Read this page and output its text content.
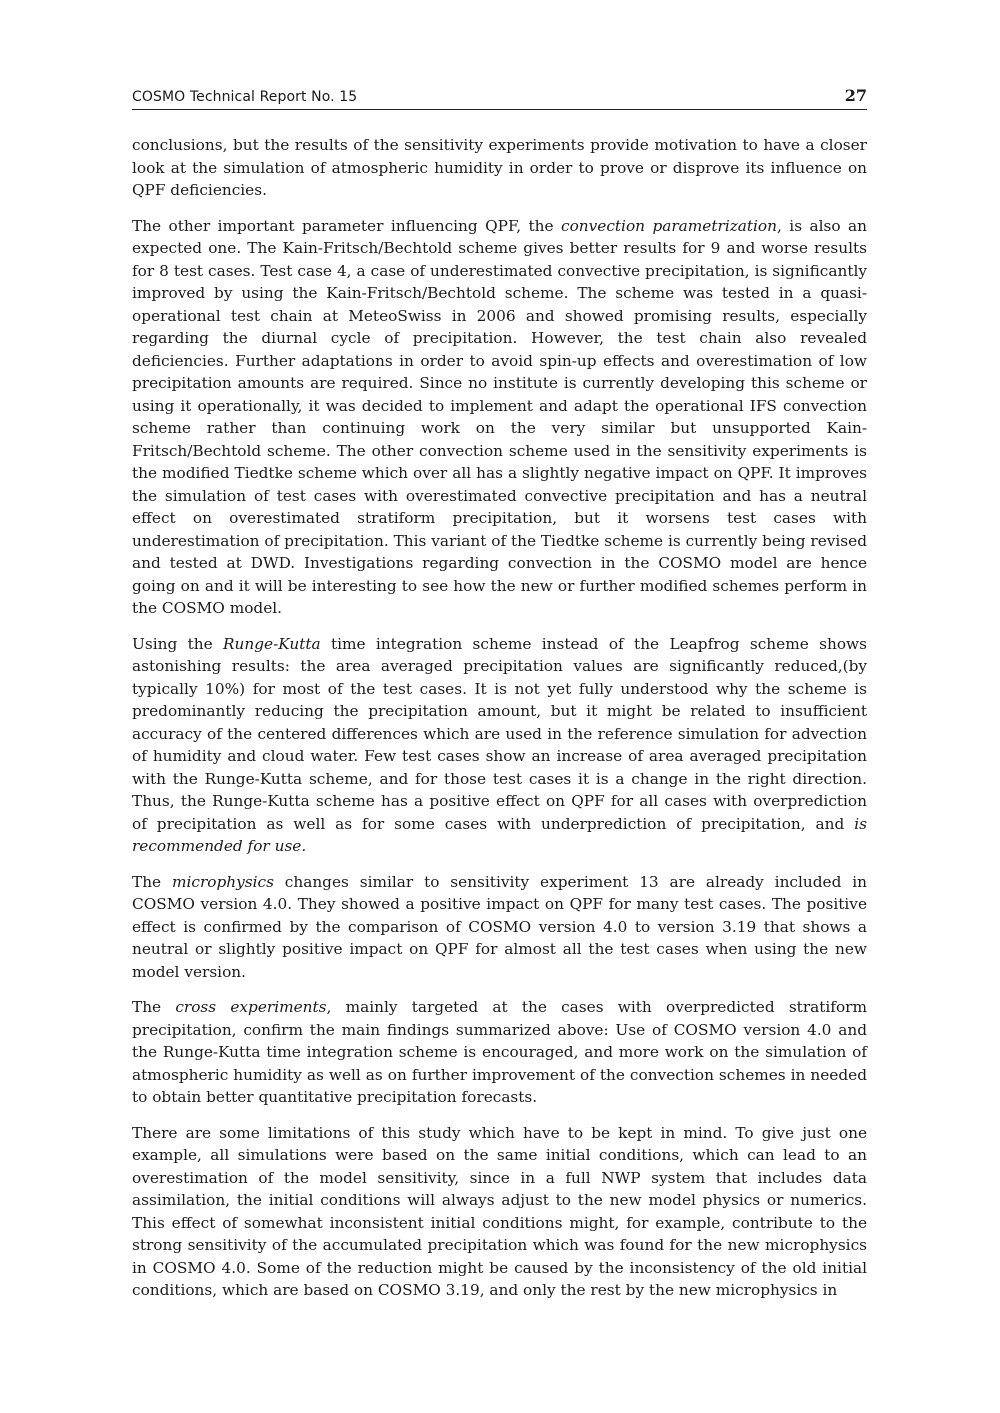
COSMO Technical Report No. 15	27

conclusions, but the results of the sensitivity experiments provide motivation to have a closer look at the simulation of atmospheric humidity in order to prove or disprove its influence on QPF deficiencies.

The other important parameter influencing QPF, the convection parametrization, is also an expected one. The Kain-Fritsch/Bechtold scheme gives better results for 9 and worse results for 8 test cases. Test case 4, a case of underestimated convective precipitation, is significantly improved by using the Kain-Fritsch/Bechtold scheme. The scheme was tested in a quasi-operational test chain at MeteoSwiss in 2006 and showed promising results, especially regarding the diurnal cycle of precipitation. However, the test chain also revealed deficiencies. Further adaptations in order to avoid spin-up effects and overestimation of low precipitation amounts are required. Since no institute is currently developing this scheme or using it operationally, it was decided to implement and adapt the operational IFS convection scheme rather than continuing work on the very similar but unsupported Kain-Fritsch/Bechtold scheme. The other convection scheme used in the sensitivity experiments is the modified Tiedtke scheme which over all has a slightly negative impact on QPF. It improves the simulation of test cases with overestimated convective precipitation and has a neutral effect on overestimated stratiform precipitation, but it worsens test cases with underestimation of precipitation. This variant of the Tiedtke scheme is currently being revised and tested at DWD. Investigations regarding convection in the COSMO model are hence going on and it will be interesting to see how the new or further modified schemes perform in the COSMO model.

Using the Runge-Kutta time integration scheme instead of the Leapfrog scheme shows astonishing results: the area averaged precipitation values are significantly reduced,(by typically 10%) for most of the test cases. It is not yet fully understood why the scheme is predominantly reducing the precipitation amount, but it might be related to insufficient accuracy of the centered differences which are used in the reference simulation for advection of humidity and cloud water. Few test cases show an increase of area averaged precipitation with the Runge-Kutta scheme, and for those test cases it is a change in the right direction. Thus, the Runge-Kutta scheme has a positive effect on QPF for all cases with overprediction of precipitation as well as for some cases with underprediction of precipitation, and is recommended for use.

The microphysics changes similar to sensitivity experiment 13 are already included in COSMO version 4.0. They showed a positive impact on QPF for many test cases. The positive effect is confirmed by the comparison of COSMO version 4.0 to version 3.19 that shows a neutral or slightly positive impact on QPF for almost all the test cases when using the new model version.

The cross experiments, mainly targeted at the cases with overpredicted stratiform precipitation, confirm the main findings summarized above: Use of COSMO version 4.0 and the Runge-Kutta time integration scheme is encouraged, and more work on the simulation of atmospheric humidity as well as on further improvement of the convection schemes in needed to obtain better quantitative precipitation forecasts.

There are some limitations of this study which have to be kept in mind. To give just one example, all simulations were based on the same initial conditions, which can lead to an overestimation of the model sensitivity, since in a full NWP system that includes data assimilation, the initial conditions will always adjust to the new model physics or numerics. This effect of somewhat inconsistent initial conditions might, for example, contribute to the strong sensitivity of the accumulated precipitation which was found for the new microphysics in COSMO 4.0. Some of the reduction might be caused by the inconsistency of the old initial conditions, which are based on COSMO 3.19, and only the rest by the new microphysics in
